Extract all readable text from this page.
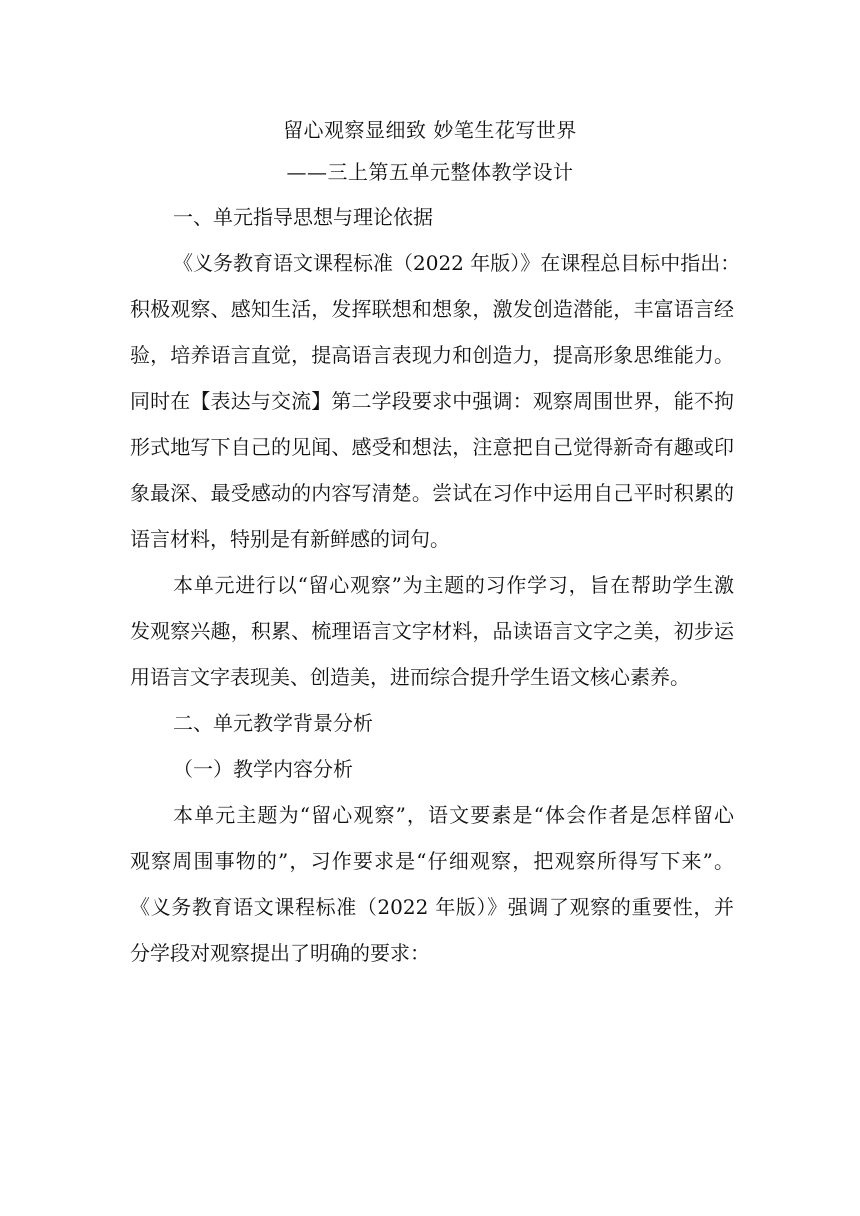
留心观察显细致 妙笔生花写世界
——三上第五单元整体教学设计
一、单元指导思想与理论依据
《义务教育语文课程标准（2022 年版）》在课程总目标中指出：
积极观察、感知生活，发挥联想和想象，激发创造潜能，丰富语言经
验，培养语言直觉，提高语言表现力和创造力，提高形象思维能力。
同时在【表达与交流】第二学段要求中强调：观察周围世界，能不拘
形式地写下自己的见闻、感受和想法，注意把自己觉得新奇有趣或印
象最深、最受感动的内容写清楚。尝试在习作中运用自己平时积累的
语言材料，特别是有新鲜感的词句。
本单元进行以“留心观察”为主题的习作学习，旨在帮助学生激
发观察兴趣，积累、梳理语言文字材料，品读语言文字之美，初步运
用语言文字表现美、创造美，进而综合提升学生语文核心素养。
二、单元教学背景分析
（一）教学内容分析
本单元主题为“留心观察”，语文要素是“体会作者是怎样留心
观察周围事物的”，习作要求是“仔细观察，把观察所得写下来”。
《义务教育语文课程标准（2022 年版）》强调了观察的重要性，并
分学段对观察提出了明确的要求：
